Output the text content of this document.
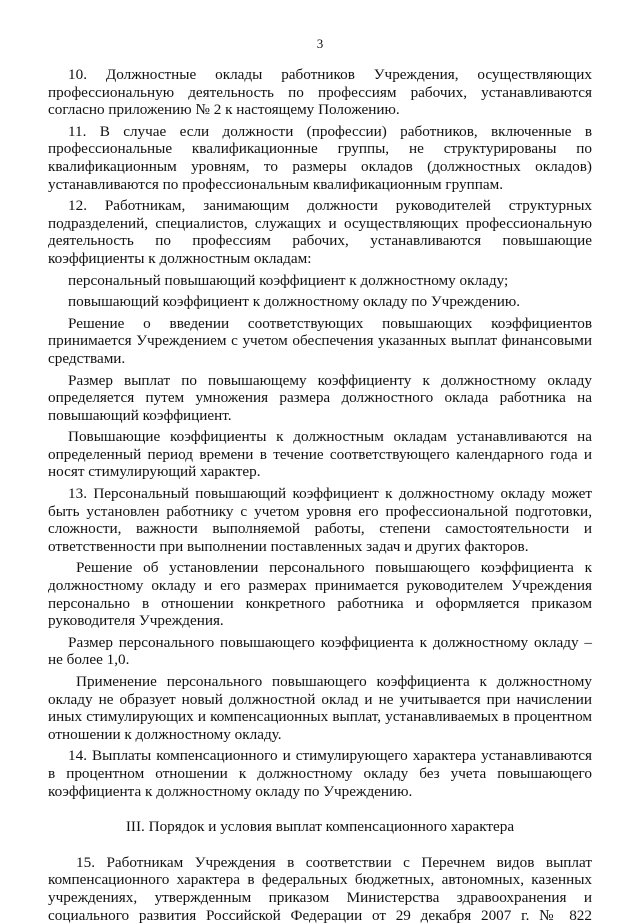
3

10. Должностные оклады работников Учреждения, осуществляющих профессиональную деятельность по профессиям рабочих, устанавливаются согласно приложению № 2 к настоящему Положению.

11. В случае если должности (профессии) работников, включенные в профессиональные квалификационные группы, не структурированы по квалификационным уровням, то размеры окладов (должностных окладов) устанавливаются по профессиональным квалификационным группам.

12. Работникам, занимающим должности руководителей структурных подразделений, специалистов, служащих и осуществляющих профессиональную деятельность по профессиям рабочих, устанавливаются повышающие коэффициенты к должностным окладам:

персональный повышающий коэффициент к должностному окладу;

повышающий коэффициент к должностному окладу по Учреждению.

Решение о введении соответствующих повышающих коэффициентов принимается Учреждением с учетом обеспечения указанных выплат финансовыми средствами.

Размер выплат по повышающему коэффициенту к должностному окладу определяется путем умножения размера должностного оклада работника на повышающий коэффициент.

Повышающие коэффициенты к должностным окладам устанавливаются на определенный период времени в течение соответствующего календарного года и носят стимулирующий характер.

13. Персональный повышающий коэффициент к должностному окладу может быть установлен работнику с учетом уровня его профессиональной подготовки, сложности, важности выполняемой работы, степени самостоятельности и ответственности при выполнении поставленных задач и других факторов.

Решение об установлении персонального повышающего коэффициента к должностному окладу и его размерах принимается руководителем Учреждения персонально в отношении конкретного работника и оформляется приказом руководителя Учреждения.

Размер персонального повышающего коэффициента к должностному окладу – не более 1,0.

Применение персонального повышающего коэффициента к должностному окладу не образует новый должностной оклад и не учитывается при начислении иных стимулирующих и компенсационных выплат, устанавливаемых в процентном отношении к должностному окладу.

14. Выплаты компенсационного и стимулирующего характера устанавливаются в процентном отношении к должностному окладу без учета повышающего коэффициента к должностному окладу по Учреждению.

III. Порядок и условия выплат компенсационного характера

15. Работникам Учреждения в соответствии с Перечнем видов выплат компенсационного характера в федеральных бюджетных, автономных, казенных учреждениях, утвержденным приказом Министерства здравоохранения и социального развития Российской Федерации от 29 декабря 2007 г. № 822
